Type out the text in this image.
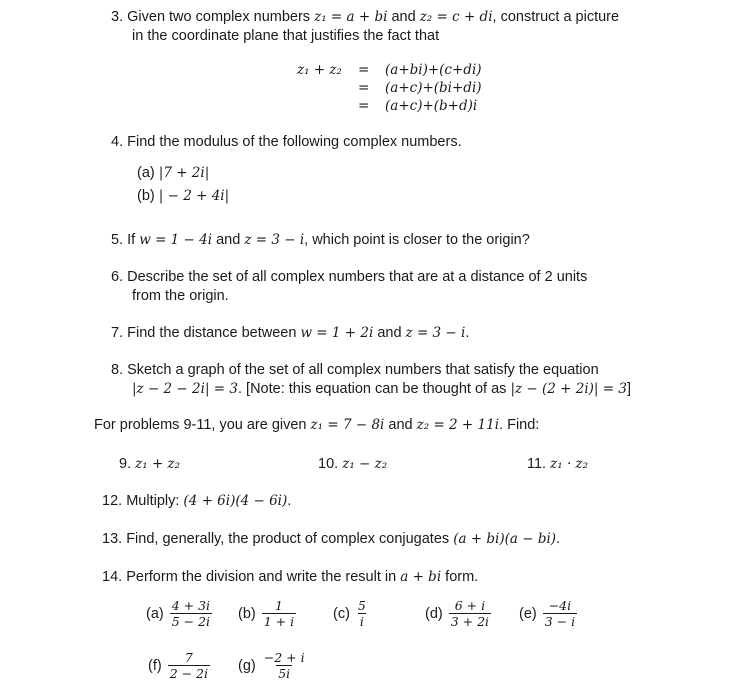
3. Given two complex numbers z₁ = a + bi and z₂ = c + di, construct a picture
in the coordinate plane that justifies the fact that
z₁ + z₂ =
=
=
(a+bi)+(c+di)
(a+c)+(bi+di)
(a+c)+(b+d)i
4. Find the modulus of the following complex numbers.
(a) |7 + 2i|
(b) | − 2 + 4i|
5. If w = 1 − 4i and z = 3 − i, which point is closer to the origin?
6. Describe the set of all complex numbers that are at a distance of 2 units
from the origin.
7. Find the distance between w = 1 + 2i and z = 3 − i.
8. Sketch a graph of the set of all complex numbers that satisfy the equation
|z − 2 − 2i| = 3. [Note: this equation can be thought of as |z − (2 + 2i)| = 3]
For problems 9-11, you are given z₁ = 7 − 8i and z₂ = 2 + 11i. Find:
9. z₁ + z₂	10. z₁ − z₂	11. z₁ · z₂
12. Multiply: (4 + 6i)(4 − 6i).
13. Find, generally, the product of complex conjugates (a + bi)(a − bi).
14. Perform the division and write the result in a + bi form.
$(a) \frac{4 + 3i}{5 - 2i} (b) \frac{1}{1 + i}$	$(c) \frac{5}{i}$	$(d) \frac{6 + i}{3 + 2i} (e) \frac{-4i}{3 - i}$
$(f) \frac{7}{2 - 2i} (g) \frac{-2 + i}{5i}$
